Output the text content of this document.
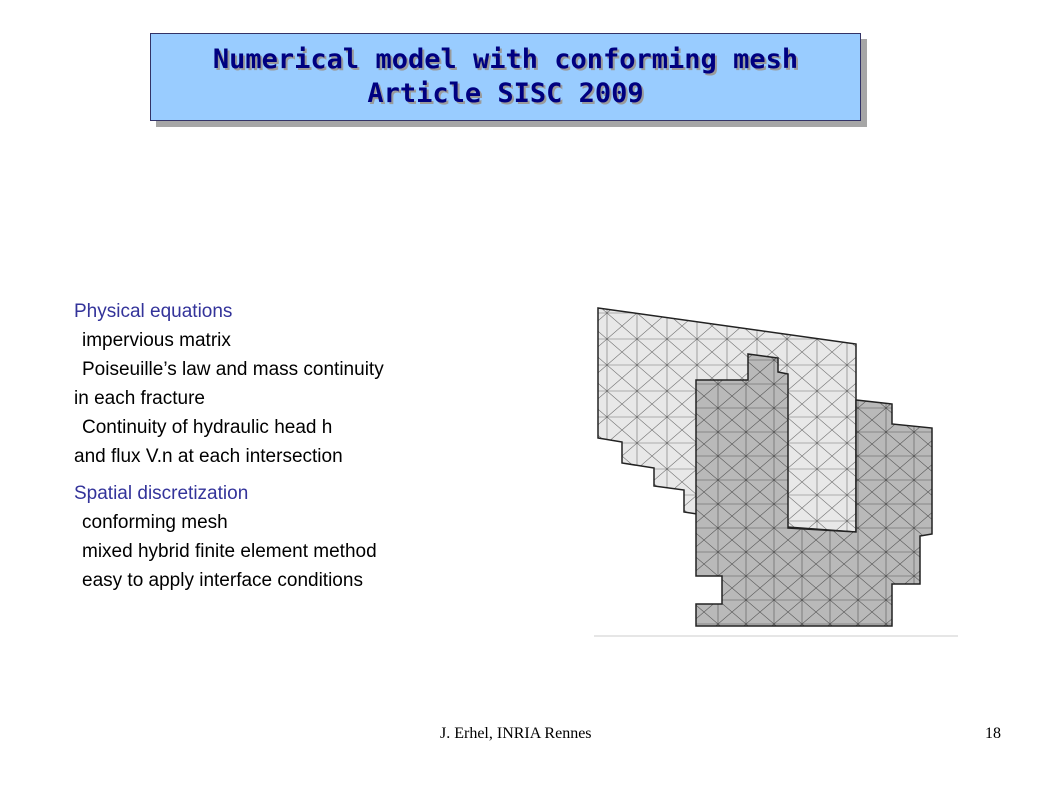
Numerical model with conforming mesh
Article SISC 2009
Physical equations
impervious matrix
Poiseuille’s law and mass continuity
in each fracture
Continuity of hydraulic head h
and flux V.n at each intersection
Spatial discretization
conforming mesh
mixed hybrid finite element method
easy to apply interface conditions
J. Erhel, INRIA Rennes	18
